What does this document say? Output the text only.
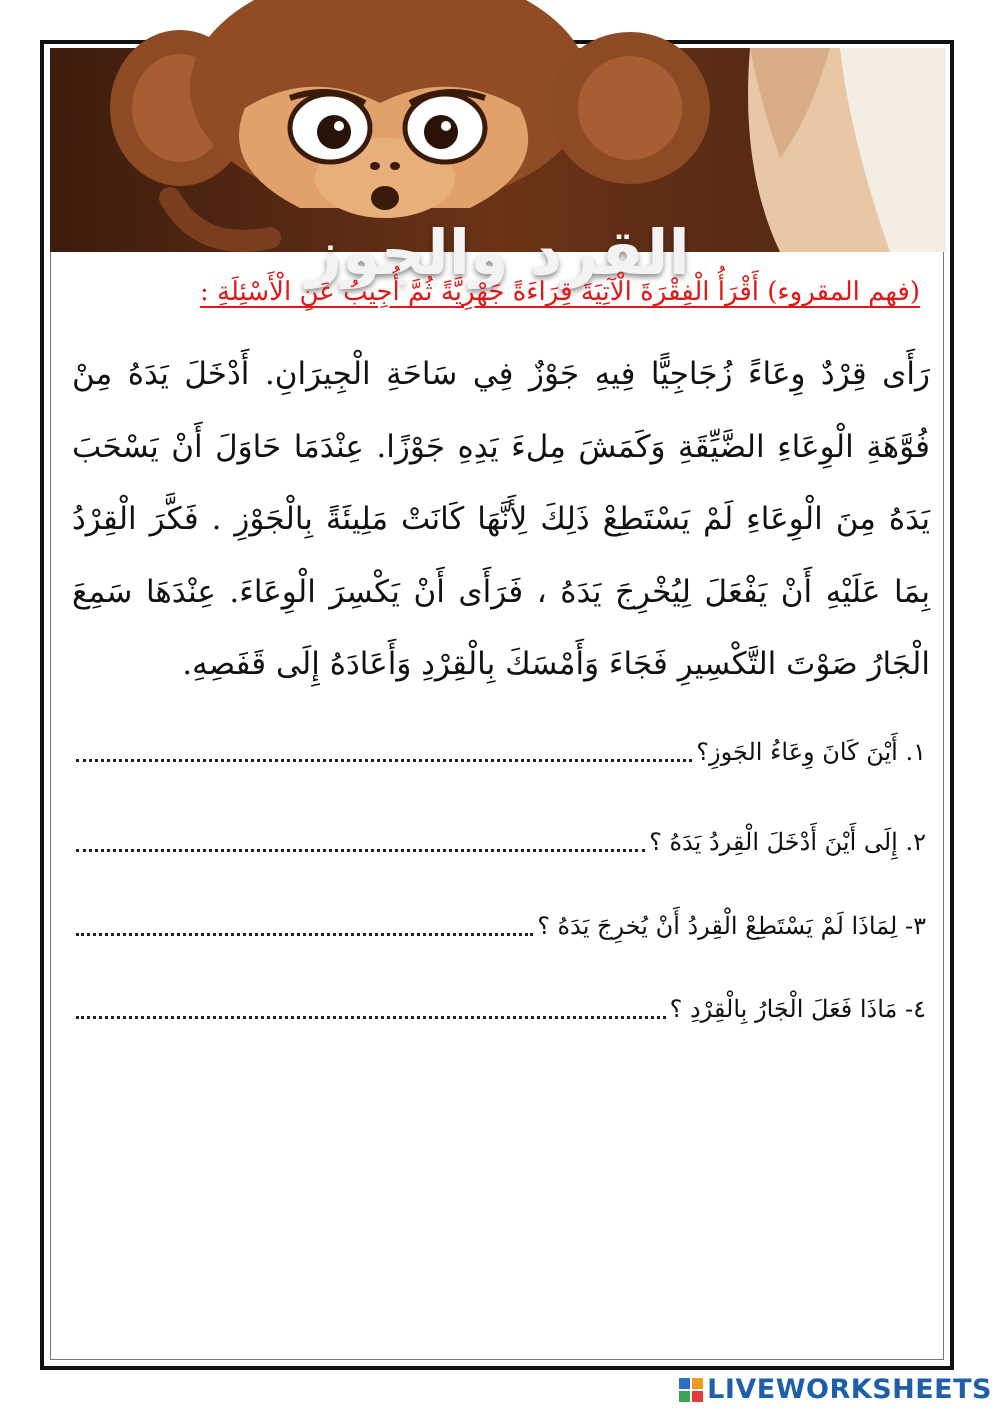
القرد والجوز
(فهم المقروء) أَقْرَأُ الْفِقْرَةَ الْآتِيَةَ قِرَاءَةً جَهْرِيَّةً ثُمَّ أُجِيبُ عَنِ الْأَسْئِلَةِ :
رَأَى قِرْدٌ وِعَاءً زُجَاجِيًّا فِيهِ جَوْزٌ فِي سَاحَةِ الْجِيرَانِ. أَدْخَلَ يَدَهُ مِنْ فُوَّهَةِ الْوِعَاءِ الضَّيِّقَةِ وَكَمَشَ مِلءَ يَدِهِ جَوْزًا. عِنْدَمَا حَاوَلَ أَنْ يَسْحَبَ يَدَهُ مِنَ الْوِعَاءِ لَمْ يَسْتَطِعْ ذَلِكَ لِأَنَّهَا كَانَتْ مَلِيئَةً بِالْجَوْزِ . فَكَّرَ الْقِرْدُ بِمَا عَلَيْهِ أَنْ يَفْعَلَ لِيُخْرِجَ يَدَهُ ، فَرَأَى أَنْ يَكْسِرَ الْوِعَاءَ. عِنْدَهَا سَمِعَ الْجَارُ صَوْتَ التَّكْسِيرِ فَجَاءَ وَأَمْسَكَ بِالْقِرْدِ وَأَعَادَهُ إِلَى قَفَصِهِ.
١. أَيْنَ كَانَ وِعَاءُ الجَوزِ؟
٢. إِلَى أَيْنَ أَدْخَلَ الْقِردُ يَدَهُ ؟
٣- لِمَاذَا لَمْ يَسْتَطِعْ الْقِردُ أَنْ يُخرِجَ يَدَهُ ؟
٤- مَاذَا فَعَلَ الْجَارُ بِالْقِرْدِ ؟
LIVEWORKSHEETS
